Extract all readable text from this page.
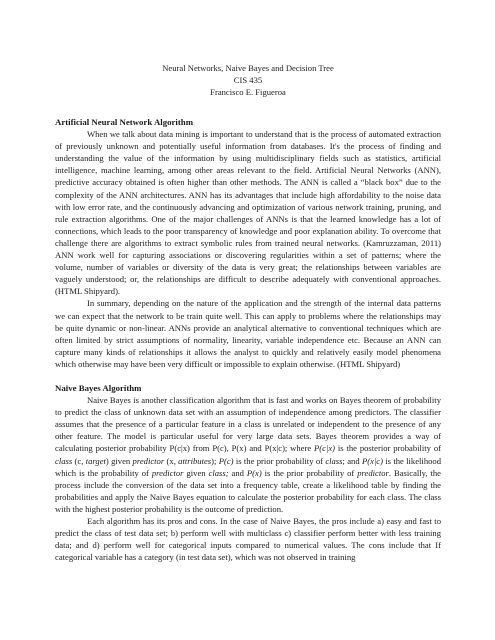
Neural Networks, Naive Bayes and Decision Tree
CIS 435
Francisco E. Figueroa
Artificial Neural Network Algorithm

When we talk about data mining is important to understand that is the process of automated extraction of previously unknown and potentially useful information from databases. It's the process of finding and understanding the value of the information by using multidisciplinary fields such as statistics, artificial intelligence, machine learning, among other areas relevant to the field. Artificial Neural Networks (ANN), predictive accuracy obtained is often higher than other methods. The ANN is called a “black box” due to the complexity of the ANN architectures. ANN has its advantages that include high affordability to the noise data with low error rate, and the continuously advancing and optimization of various network training, pruning, and rule extraction algorithms. One of the major challenges of ANNs is that the learned knowledge has a lot of connections, which leads to the poor transparency of knowledge and poor explanation ability. To overcome that challenge there are algorithms to extract symbolic rules from trained neural networks. (Kamruzzaman, 2011) ANN work well for capturing associations or discovering regularities within a set of patterns; where the volume, number of variables or diversity of the data is very great; the relationships between variables are vaguely understood; or, the relationships are difficult to describe adequately with conventional approaches. (HTML Shipyard).

In summary, depending on the nature of the application and the strength of the internal data patterns we can expect that the network to be train quite well. This can apply to problems where the relationships may be quite dynamic or non-linear. ANNs provide an analytical alternative to conventional techniques which are often limited by strict assumptions of normality, linearity, variable independence etc. Because an ANN can capture many kinds of relationships it allows the analyst to quickly and relatively easily model phenomena which otherwise may have been very difficult or impossible to explain otherwise. (HTML Shipyard)

Naïve Bayes Algorithm

Naive Bayes is another classification algorithm that is fast and works on Bayes theorem of probability to predict the class of unknown data set with an assumption of independence among predictors. The classifier assumes that the presence of a particular feature in a class is unrelated or independent to the presence of any other feature. The model is particular useful for very large data sets. Bayes theorem provides a way of calculating posterior probability P(c|x) from P(c), P(x) and P(x|c); where P(c|x) is the posterior probability of class (c, target) given predictor (x, attributes); P(c) is the prior probability of class; and P(x|c) is the likelihood which is the probability of predictor given class; and P(x) is the prior probability of predictor. Basically, the process include the conversion of the data set into a frequency table, create a likelihood table by finding the probabilities and apply the Naive Bayes equation to calculate the posterior probability for each class. The class with the highest posterior probability is the outcome of prediction.

Each algorithm has its pros and cons. In the case of Naive Bayes, the pros include a) easy and fast to predict the class of test data set; b) perform well with multiclass c) classifier perform better with less training data; and d) perform well for categorical inputs compared to numerical values. The cons include that If categorical variable has a category (in test data set), which was not observed in training
